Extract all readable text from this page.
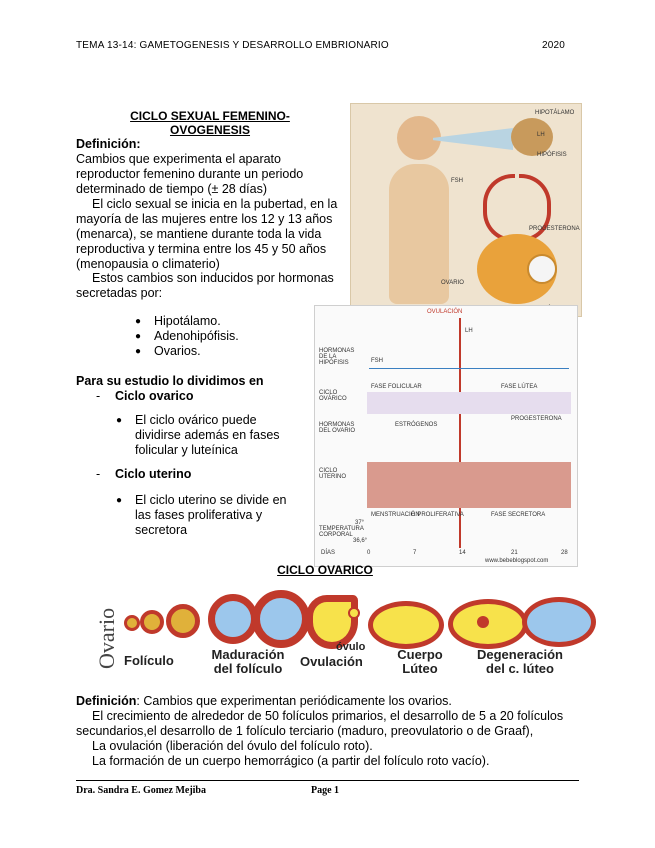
TEMA 13-14: GAMETOGENESIS Y DESARROLLO EMBRIONARIO	2020
CICLO SEXUAL FEMENINO- OVOGENESIS
Definición:
Cambios que experimenta el aparato reproductor femenino durante un periodo determinado de tiempo (± 28 días)
El ciclo sexual se inicia en la pubertad, en la mayoría de las mujeres entre los 12 y 13 años (menarca), se mantiene durante toda la vida reproductiva y termina entre los 45 y 50 años (menopausia o climaterio)
Estos cambios son inducidos por hormonas secretadas por:
● Hipotálamo.
● Adenohipófisis.
● Ovarios.
Para su estudio lo dividimos en
- Ciclo ovarico
● El ciclo ovárico puede dividirse además en fases folicular y luteínica
- Ciclo uterino
● El ciclo uterino se divide en las fases proliferativa y secretora
HIPOTÁLAMO
LH
HIPÓFISIS
FSH
PROGESTERONA
OVARIO
OVULACIÓN
HORMONAS DE LA HIPÓFISIS	FSH
LH
CICLO OVÁRICO
FASE FOLICULAR	FASE LÚTEA
HORMONAS DEL OVARIO
ESTRÓGENOS
PROGESTERONA
CICLO UTERINO
MENSTRUACIÓN
F. PROLIFERATIVA	FASE SECRETORA
TEMPERATURA CORPORAL
37°
36,6°
DÍAS	0	7	14	21	28
www.bebeblogspot.com
CICLO OVARICO
Ovario Folículo	Maduración del folículo
óvulo
Ovulación	Cuerpo Lúteo
Degeneración del c. lúteo
Definición: Cambios que experimentan periódicamente los ovarios.
El crecimiento de alrededor de 50 folículos primarios, el desarrollo de 5 a 20 folículos secundarios,el desarrollo de 1 folículo terciario (maduro, preovulatorio o de Graaf),
La ovulación (liberación del óvulo del folículo roto).
La formación de un cuerpo hemorrágico (a partir del folículo roto vacío).
Dra. Sandra E. Gomez Mejiba	Page 1
